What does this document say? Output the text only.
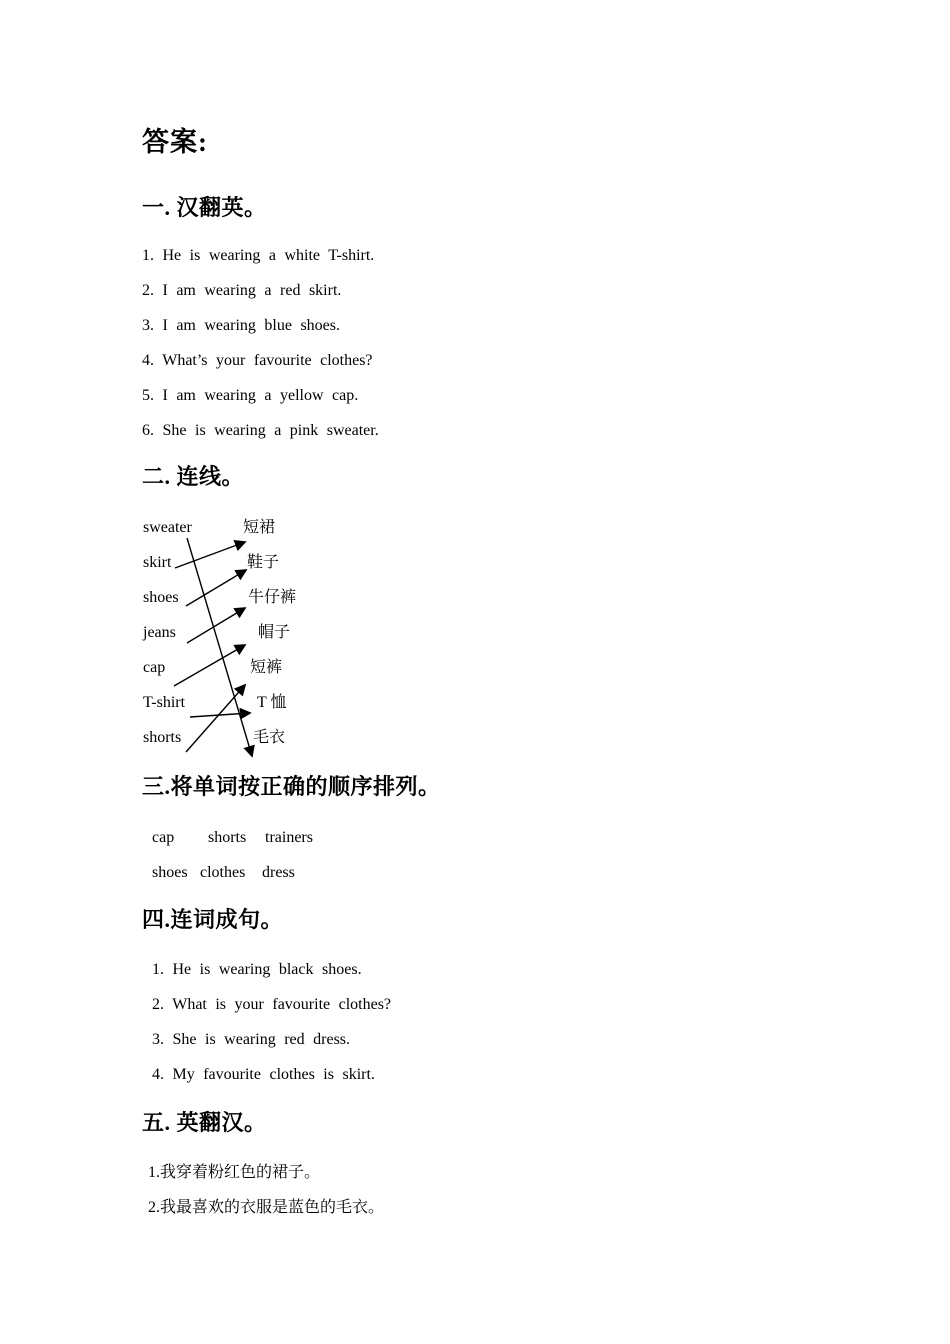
答案:
一. 汉翻英。
1. He is wearing a white T-shirt.
2. I am wearing a red skirt.
3. I am wearing blue shoes.
4. What’s your favourite clothes?
5. I am wearing a yellow cap.
6. She is wearing a pink sweater.
二. 连线。
sweater
skirt
shoes
jeans
cap
T-shirt
shorts
短裙
鞋子
牛仔裤
帽子
短裤
T 恤
毛衣
三.将单词按正确的顺序排列。
cap shorts trainers
shoes clothes dress
四.连词成句。
1. He is wearing black shoes.
2. What is your favourite clothes?
3. She is wearing red dress.
4. My favourite clothes is skirt.
五. 英翻汉。
1.我穿着粉红色的裙子。
2.我最喜欢的衣服是蓝色的毛衣。
